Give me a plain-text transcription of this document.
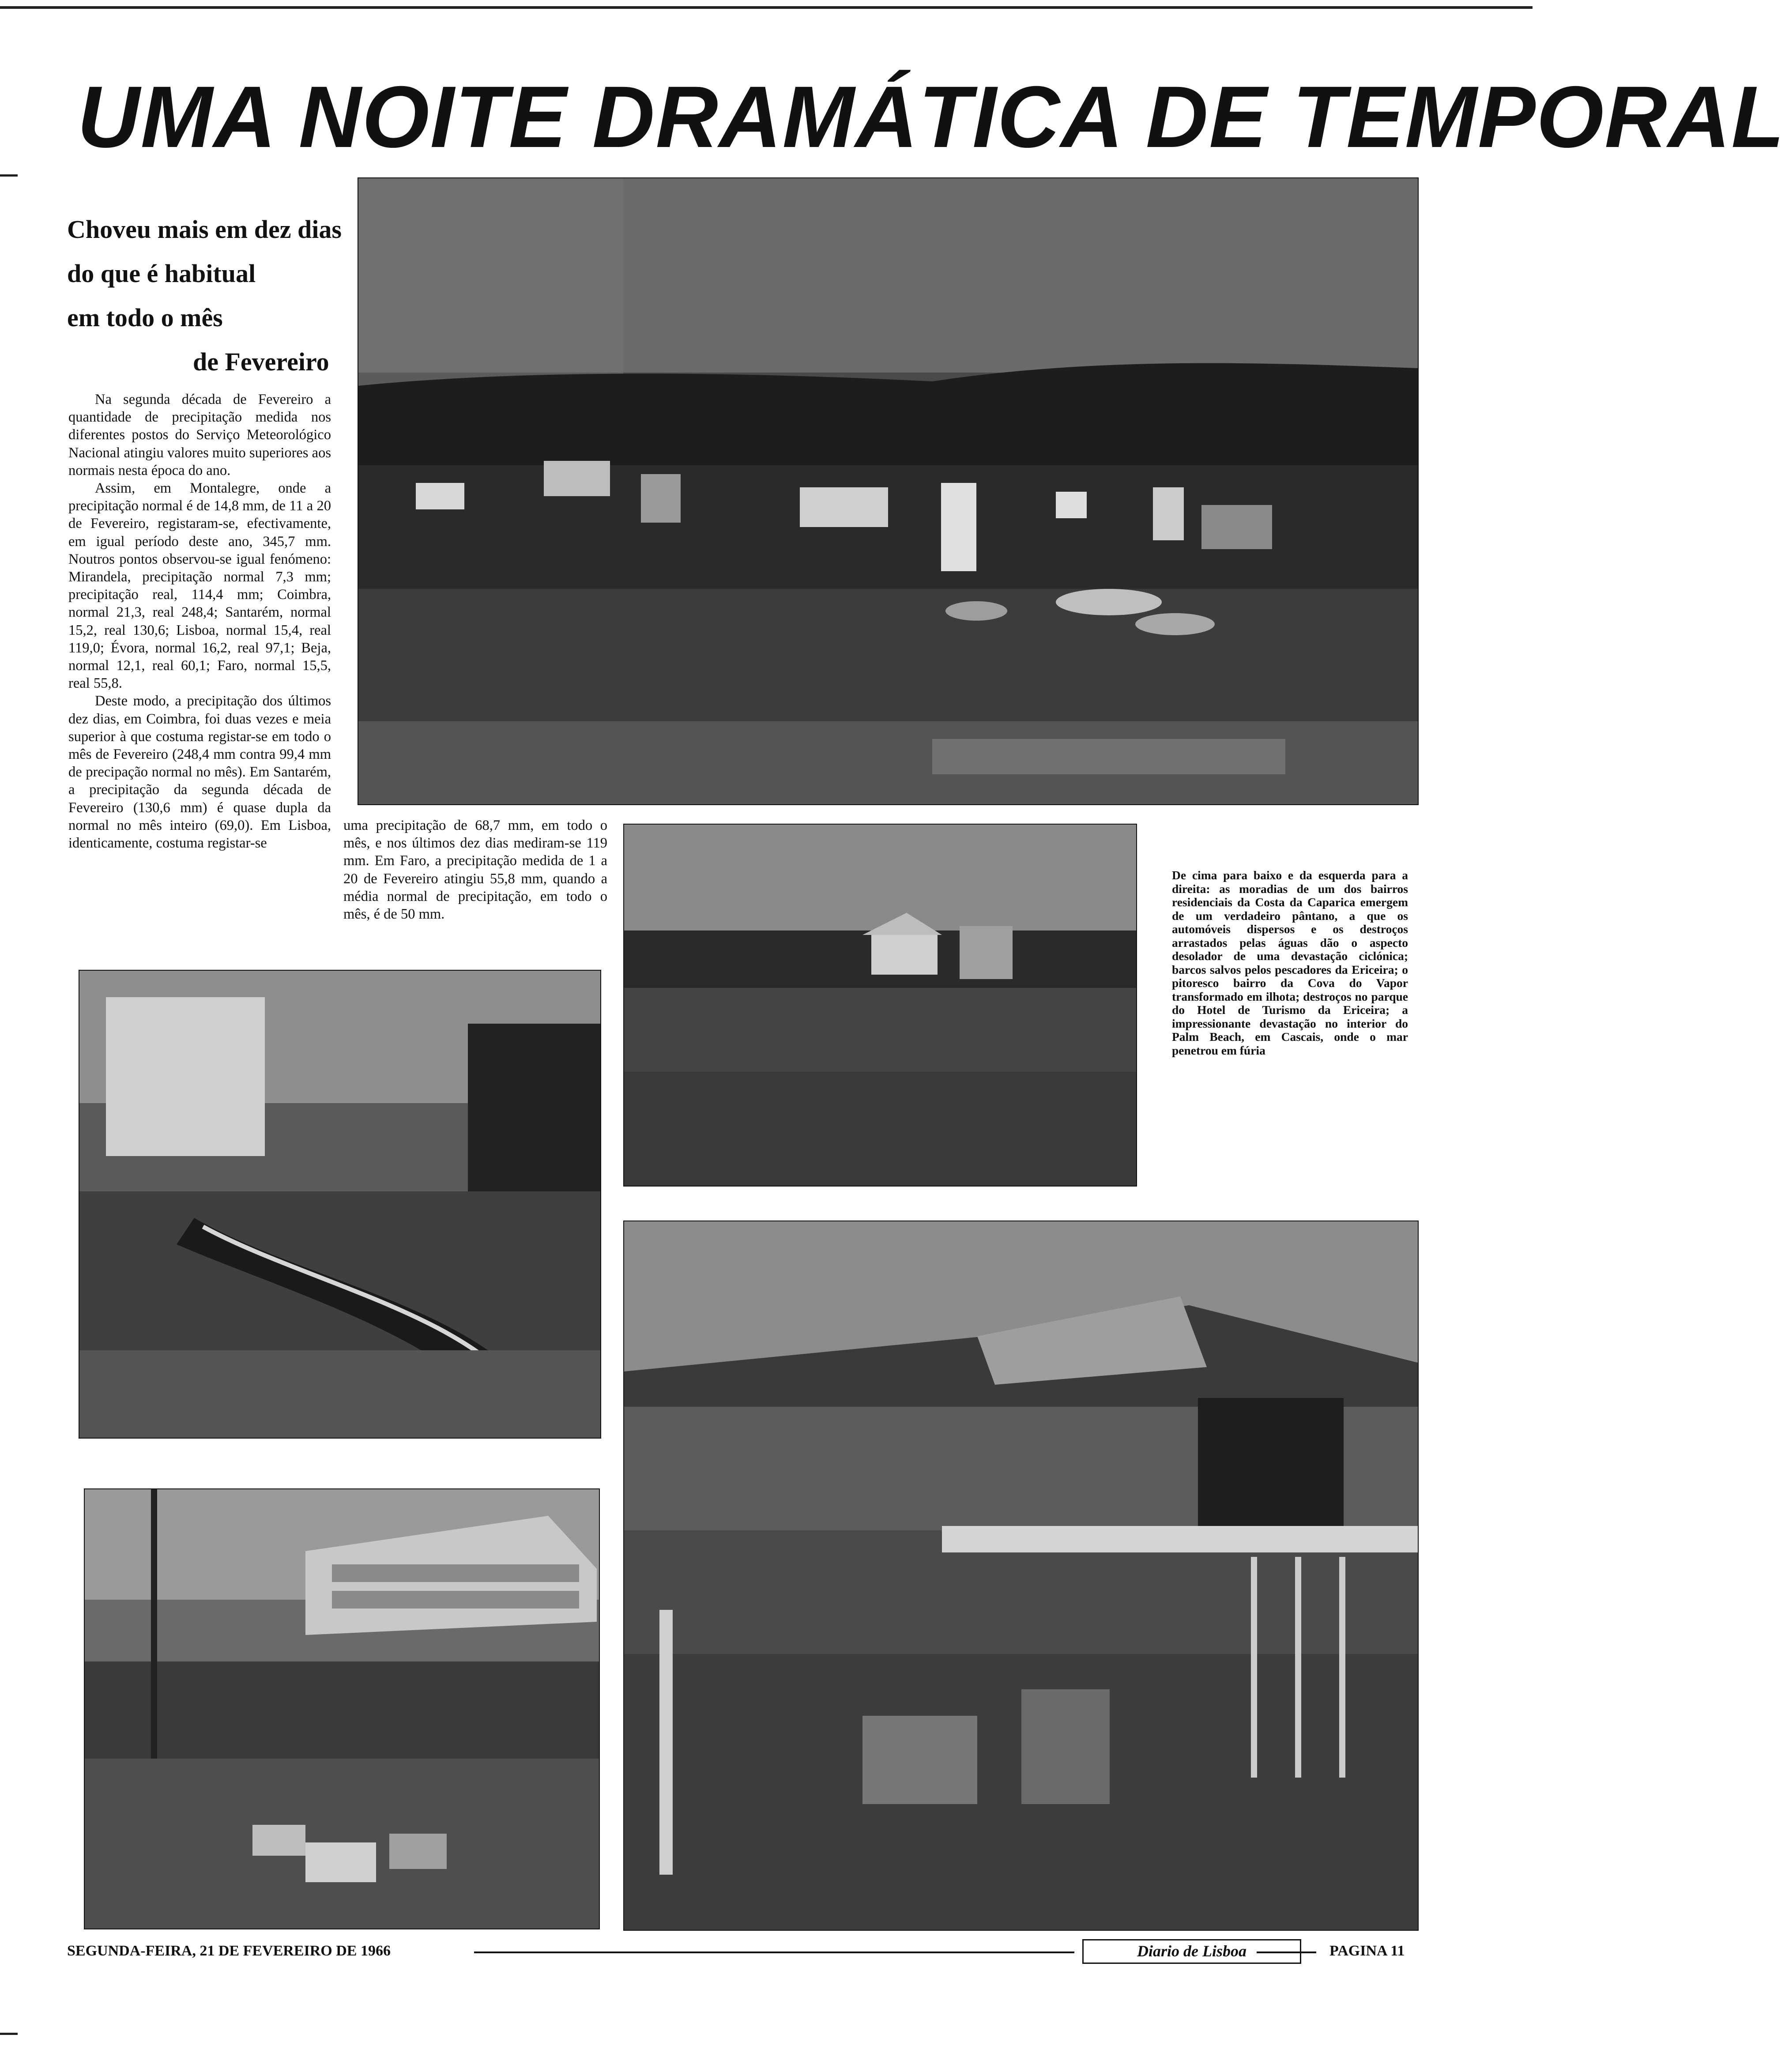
UMA NOITE DRAMÁTICA DE TEMPORAL
Choveu mais em dez dias
do que é habitual
em todo o mês
de Fevereiro

Na segunda década de Fevereiro a quantidade de precipitação medida nos diferentes postos do Serviço Meteorológico Nacional atingiu valores muito superiores aos normais nesta época do ano.

Assim, em Montalegre, onde a precipitação normal é de 14,8 mm, de 11 a 20 de Fevereiro, registaram-se, efectivamente, em igual período deste ano, 345,7 mm. Noutros pontos observou-se igual fenómeno: Mirandela, precipitação normal 7,3 mm; precipitação real, 114,4 mm; Coimbra, normal 21,3, real 248,4; Santarém, normal 15,2, real 130,6; Lisboa, normal 15,4, real 119,0; Évora, normal 16,2, real 97,1; Beja, normal 12,1, real 60,1; Faro, normal 15,5, real 55,8.

Deste modo, a precipitação dos últimos dez dias, em Coimbra, foi duas vezes e meia superior à que costuma registar-se em todo o mês de Fevereiro (248,4 mm contra 99,4 mm de precipação normal no mês). Em Santarém, a precipitação da segunda década de Fevereiro (130,6 mm) é quase dupla da normal no mês inteiro (69,0). Em Lisboa, identicamente, costuma registar-se

uma precipitação de 68,7 mm, em todo o mês, e nos últimos dez dias mediram-se 119 mm. Em Faro, a precipitação medida de 1 a 20 de Fevereiro atingiu 55,8 mm, quando a média normal de precipitação, em todo o mês, é de 50 mm.

De cima para baixo e da esquerda para a direita: as moradias de um dos bairros residenciais da Costa da Caparica emergem de um verdadeiro pântano, a que os automóveis dispersos e os destroços arrastados pelas águas dão o aspecto desolador de uma devastação ciclónica; barcos salvos pelos pescadores da Ericeira; o pitoresco bairro da Cova do Vapor transformado em ilhota; destroços no parque do Hotel de Turismo da Ericeira; a impressionante devastação no interior do Palm Beach, em Cascais, onde o mar penetrou em fúria
SEGUNDA-FEIRA, 21 DE FEVEREIRO DE 1966	Diario de Lisboa	PAGINA 11
